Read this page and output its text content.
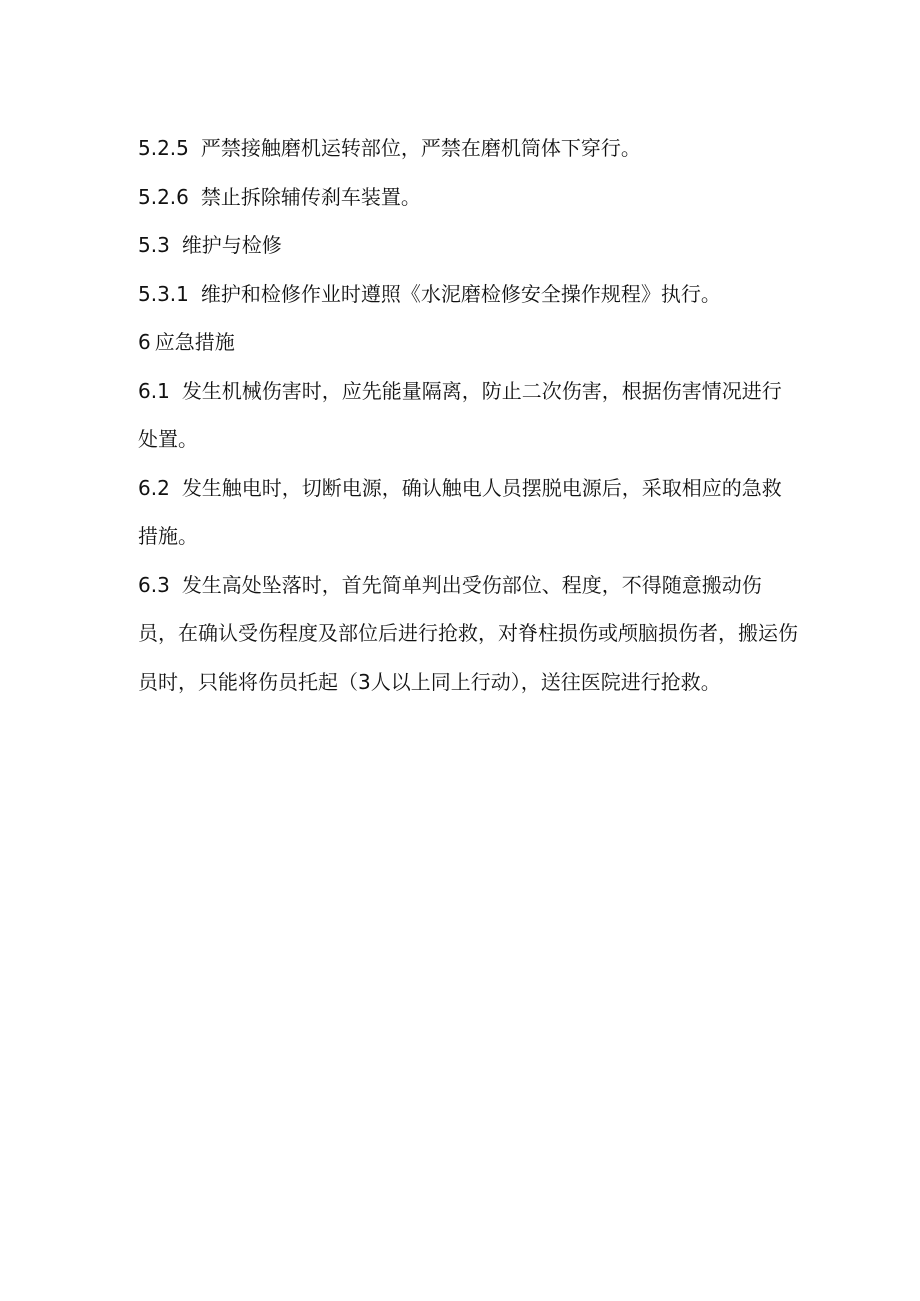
5.2.5 严禁接触磨机运转部位，严禁在磨机筒体下穿行。

5.2.6 禁止拆除辅传刹车装置。

5.3 维护与检修

5.3.1 维护和检修作业时遵照《水泥磨检修安全操作规程》执行。

6 应急措施

6.1 发生机械伤害时，应先能量隔离，防止二次伤害，根据伤害情况进行处置。

6.2 发生触电时，切断电源，确认触电人员摆脱电源后，采取相应的急救措施。

6.3 发生高处坠落时，首先简单判出受伤部位、程度，不得随意搬动伤员，在确认受伤程度及部位后进行抢救，对脊柱损伤或颅脑损伤者，搬运伤员时，只能将伤员托起（3人以上同上行动），送往医院进行抢救。
